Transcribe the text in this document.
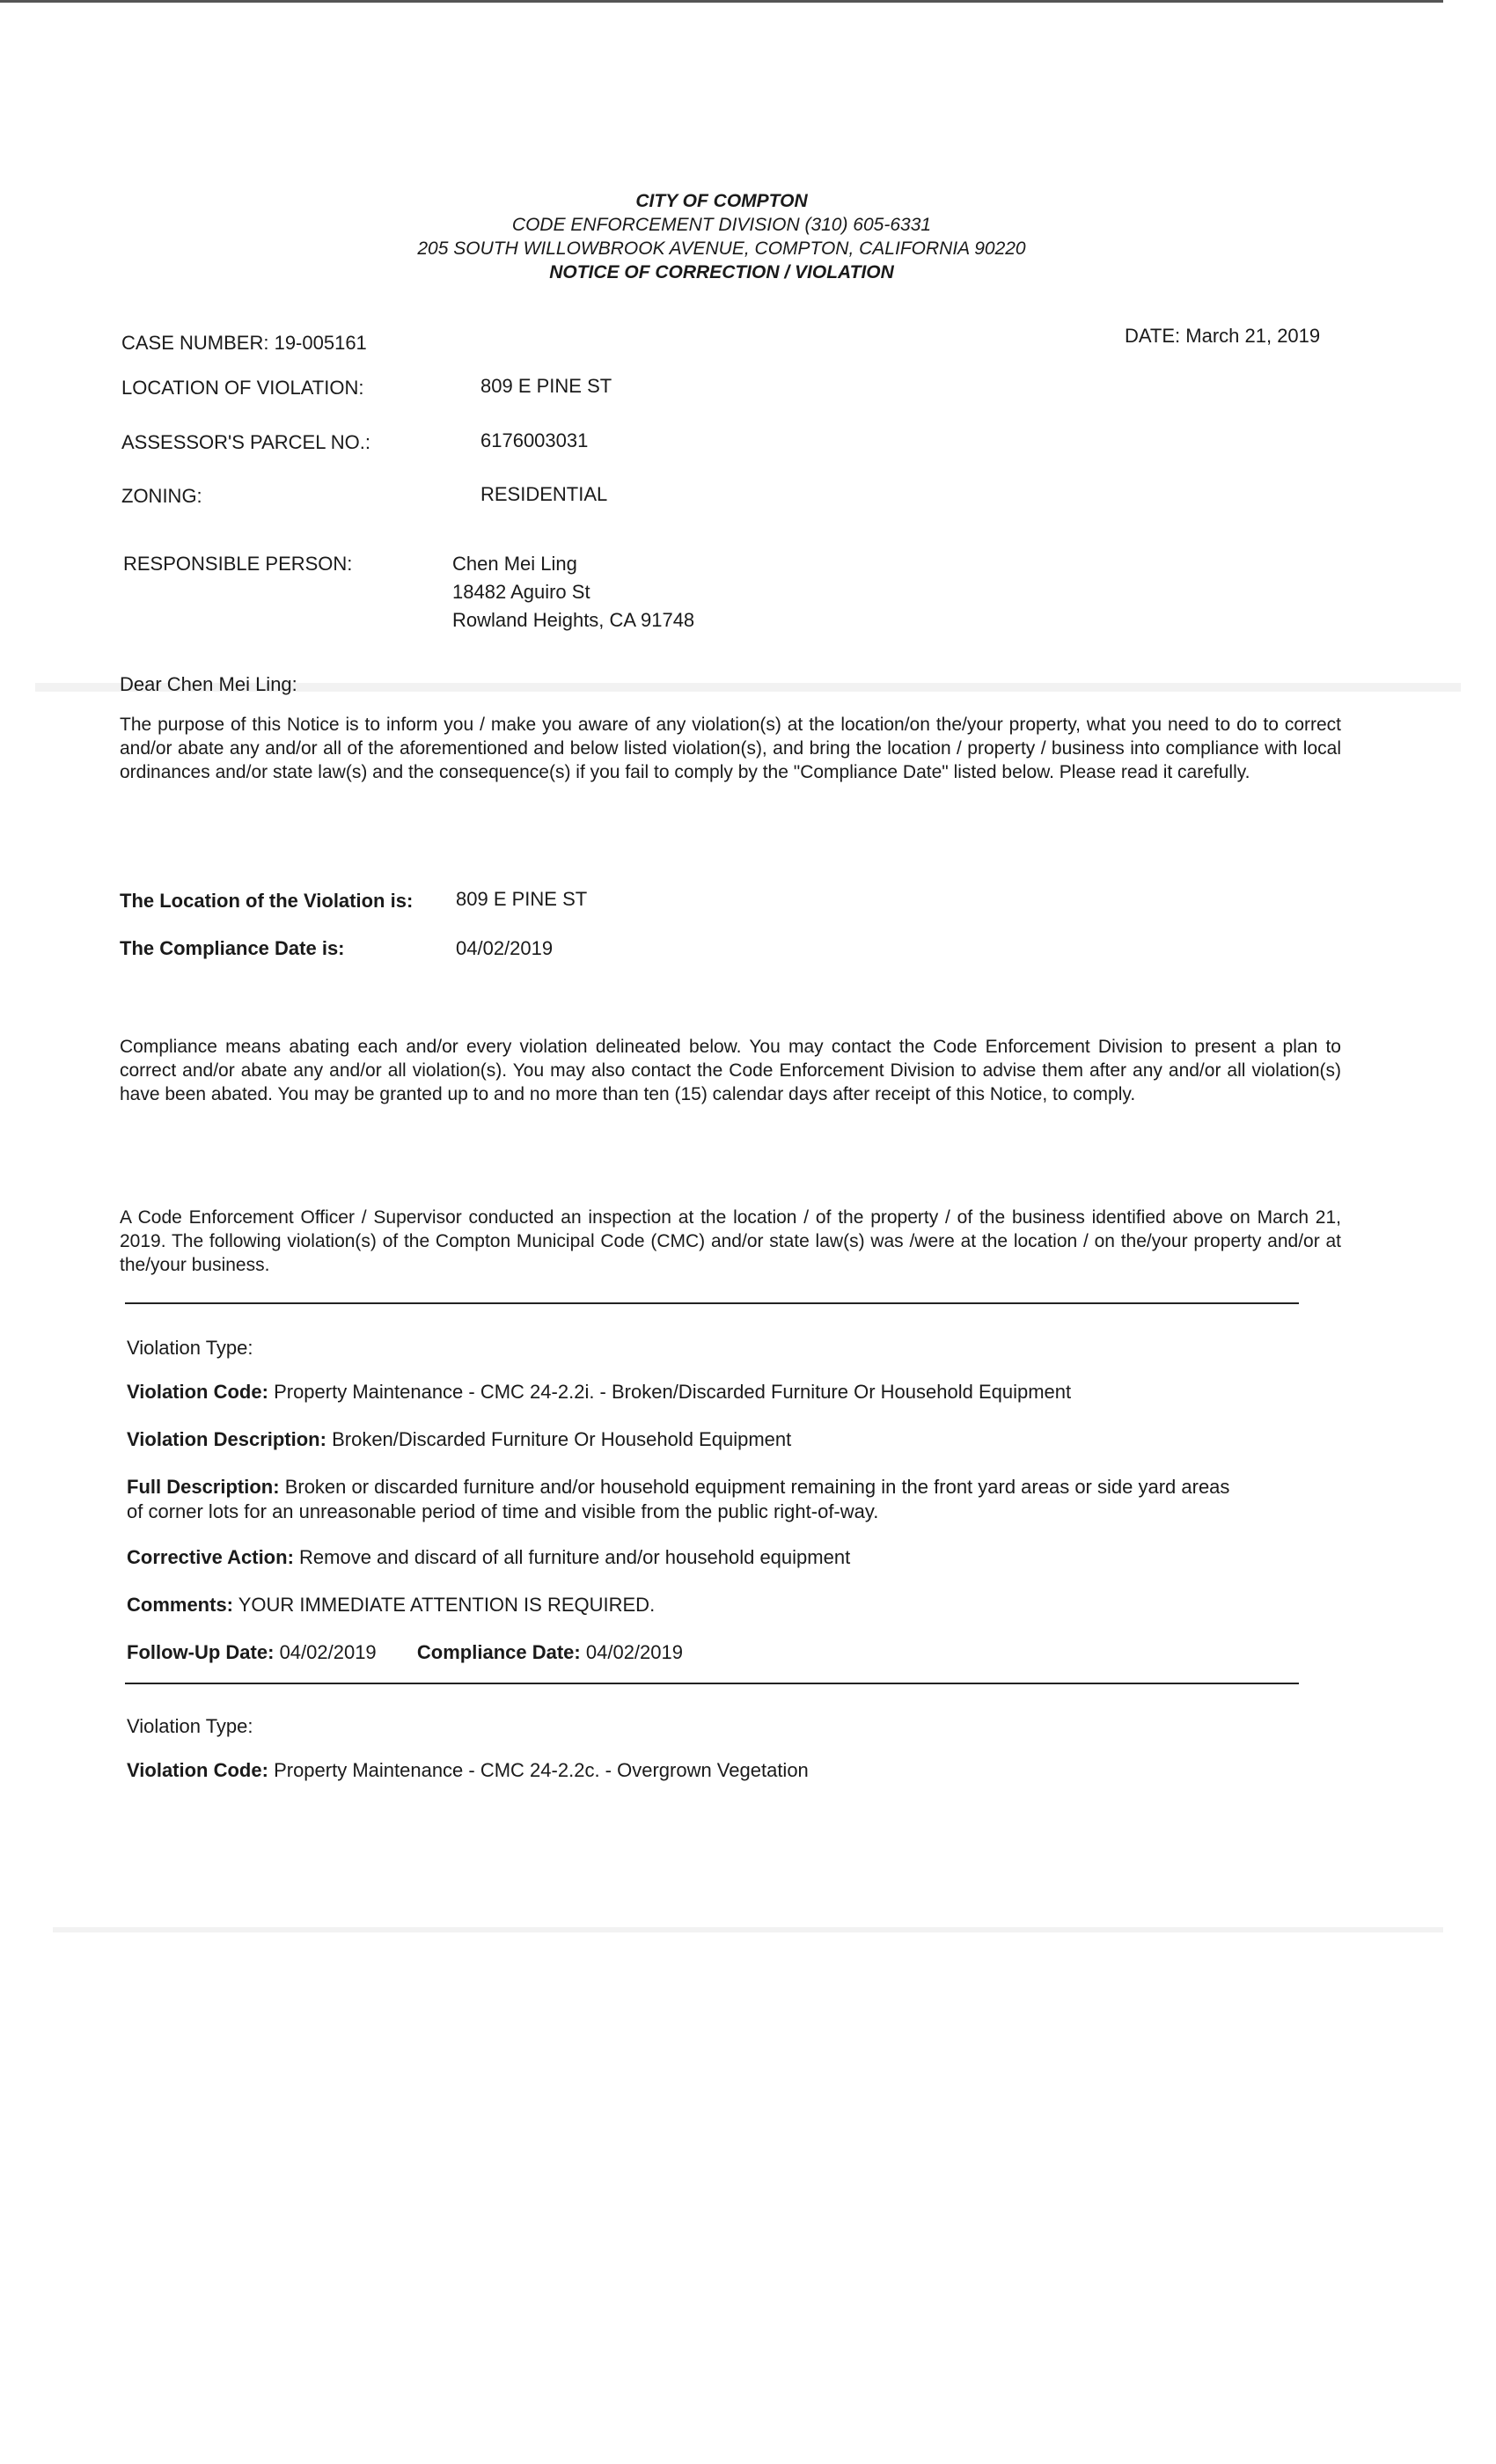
CITY OF COMPTON
CODE ENFORCEMENT DIVISION (310) 605-6331
205 SOUTH WILLOWBROOK AVENUE, COMPTON, CALIFORNIA 90220
NOTICE OF CORRECTION / VIOLATION
CASE NUMBER: 19-005161	DATE: March 21, 2019
LOCATION OF VIOLATION:	809 E PINE ST
ASSESSOR'S PARCEL NO.:	6176003031
ZONING:	RESIDENTIAL
RESPONSIBLE PERSON:	Chen Mei Ling
18482 Aguiro St
Rowland Heights, CA 91748
Dear Chen Mei Ling:
The purpose of this Notice is to inform you / make you aware of any violation(s) at the location/on the/your property, what you need to do to correct and/or abate any and/or all of the aforementioned and below listed violation(s), and bring the location / property / business into compliance with local ordinances and/or state law(s) and the consequence(s) if you fail to comply by the "Compliance Date" listed below. Please read it carefully.
The Location of the Violation is: 809 E PINE ST
The Compliance Date is:	04/02/2019
Compliance means abating each and/or every violation delineated below. You may contact the Code Enforcement Division to present a plan to correct and/or abate any and/or all violation(s). You may also contact the Code Enforcement Division to advise them after any and/or all violation(s) have been abated. You may be granted up to and no more than ten (15) calendar days after receipt of this Notice, to comply.
A Code Enforcement Officer / Supervisor conducted an inspection at the location / of the property / of the business identified above on March 21, 2019. The following violation(s) of the Compton Municipal Code (CMC) and/or state law(s) was /were at the location / on the/your property and/or at the/your business.
Violation Type:
Violation Code: Property Maintenance - CMC 24-2.2i. - Broken/Discarded Furniture Or Household Equipment
Violation Description: Broken/Discarded Furniture Or Household Equipment
Full Description: Broken or discarded furniture and/or household equipment remaining in the front yard areas or side yard areas
of corner lots for an unreasonable period of time and visible from the public right-of-way.
Corrective Action: Remove and discard of all furniture and/or household equipment
Comments: YOUR IMMEDIATE ATTENTION IS REQUIRED.
Follow-Up Date: 04/02/2019 Compliance Date: 04/02/2019
Violation Type:
Violation Code: Property Maintenance - CMC 24-2.2c. - Overgrown Vegetation
